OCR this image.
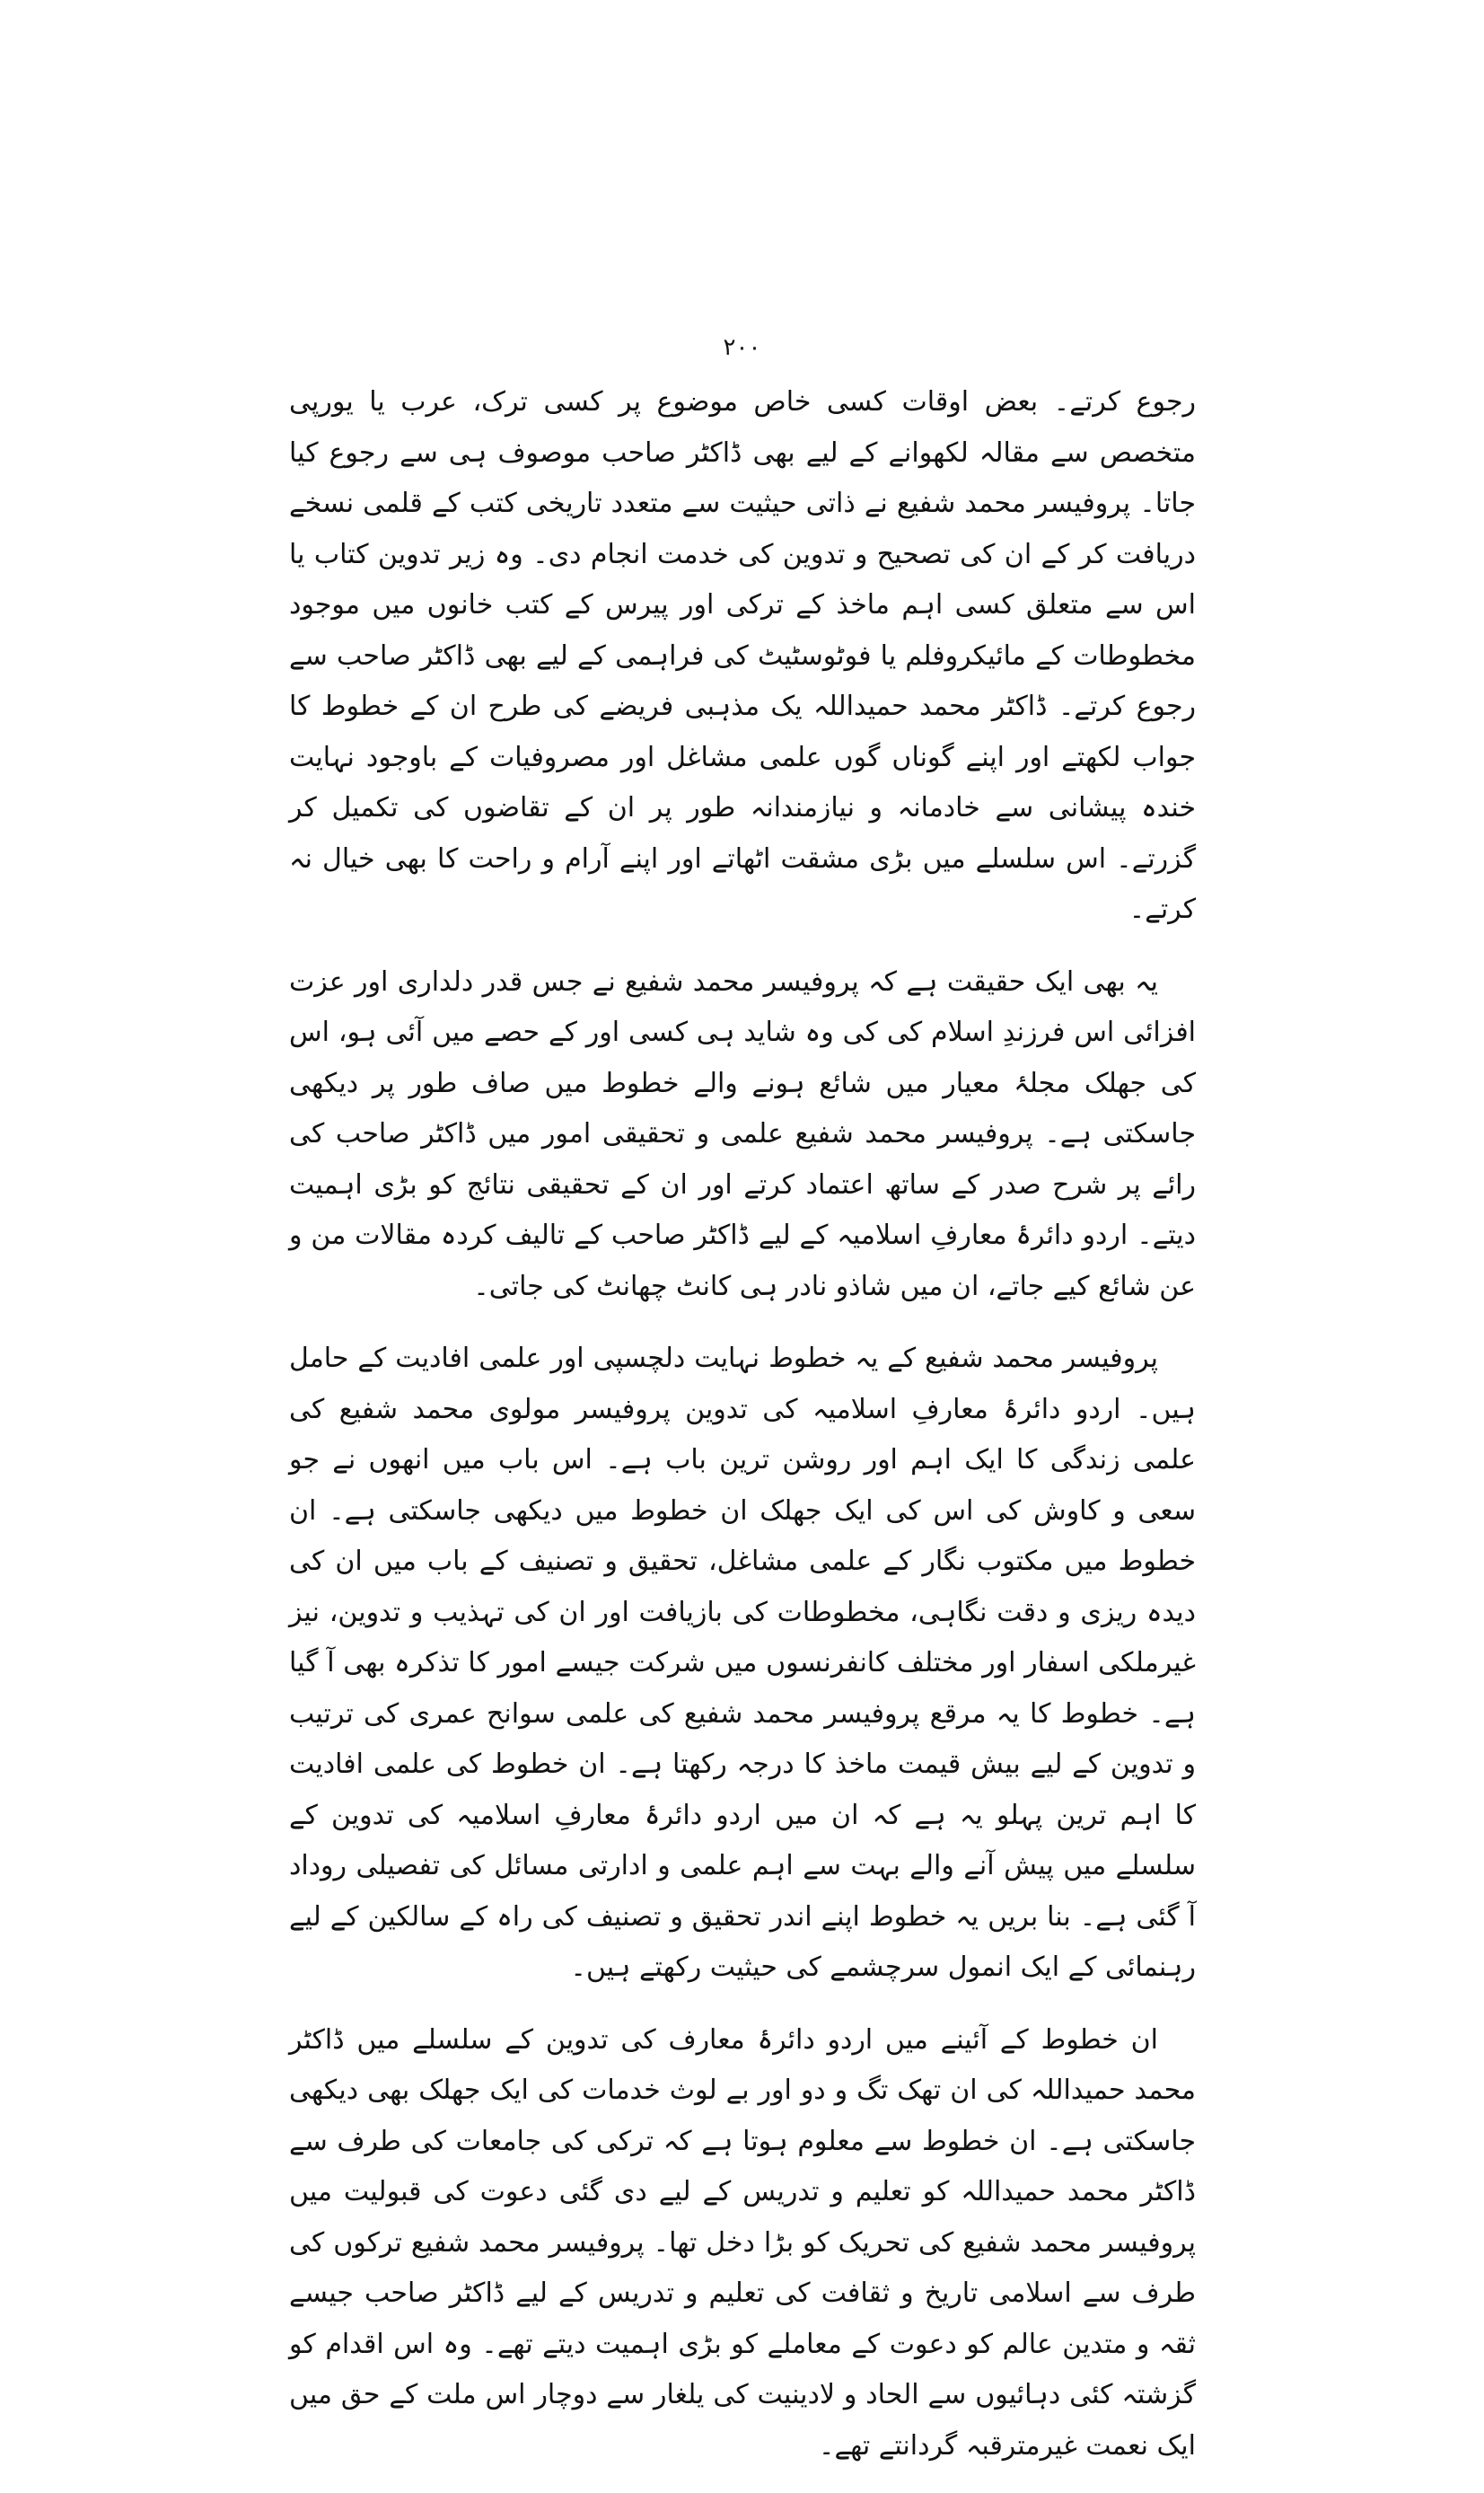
۲۰۰

رجوع کرتے۔ بعض اوقات کسی خاص موضوع پر کسی ترک، عرب یا یورپی متخصص سے مقالہ لکھوانے کے لیے بھی ڈاکٹر صاحب موصوف ہی سے رجوع کیا جاتا۔ پروفیسر محمد شفیع نے ذاتی حیثیت سے متعدد تاریخی کتب کے قلمی نسخے دریافت کر کے ان کی تصحیح و تدوین کی خدمت انجام دی۔ وہ زیر تدوین کتاب یا اس سے متعلق کسی اہم ماخذ کے ترکی اور پیرس کے کتب خانوں میں موجود مخطوطات کے مائیکروفلم یا فوٹوسٹیٹ کی فراہمی کے لیے بھی ڈاکٹر صاحب سے رجوع کرتے۔ ڈاکٹر محمد حمیداللہ یک مذہبی فریضے کی طرح ان کے خطوط کا جواب لکھتے اور اپنے گوناں گوں علمی مشاغل اور مصروفیات کے باوجود نہایت خندہ پیشانی سے خادمانہ و نیازمندانہ طور پر ان کے تقاضوں کی تکمیل کر گزرتے۔ اس سلسلے میں بڑی مشقت اٹھاتے اور اپنے آرام و راحت کا بھی خیال نہ کرتے۔

یہ بھی ایک حقیقت ہے کہ پروفیسر محمد شفیع نے جس قدر دلداری اور عزت افزائی اس فرزندِ اسلام کی کی وہ شاید ہی کسی اور کے حصے میں آئی ہو، اس کی جھلک مجلۂ معیار میں شائع ہونے والے خطوط میں صاف طور پر دیکھی جاسکتی ہے۔ پروفیسر محمد شفیع علمی و تحقیقی امور میں ڈاکٹر صاحب کی رائے پر شرح صدر کے ساتھ اعتماد کرتے اور ان کے تحقیقی نتائج کو بڑی اہمیت دیتے۔ اردو دائرۂ معارفِ اسلامیہ کے لیے ڈاکٹر صاحب کے تالیف کردہ مقالات من و عن شائع کیے جاتے، ان میں شاذو نادر ہی کانٹ چھانٹ کی جاتی۔

پروفیسر محمد شفیع کے یہ خطوط نہایت دلچسپی اور علمی افادیت کے حامل ہیں۔ اردو دائرۂ معارفِ اسلامیہ کی تدوین پروفیسر مولوی محمد شفیع کی علمی زندگی کا ایک اہم اور روشن ترین باب ہے۔ اس باب میں انھوں نے جو سعی و کاوش کی اس کی ایک جھلک ان خطوط میں دیکھی جاسکتی ہے۔ ان خطوط میں مکتوب نگار کے علمی مشاغل، تحقیق و تصنیف کے باب میں ان کی دیدہ ریزی و دقت نگاہی، مخطوطات کی بازیافت اور ان کی تہذیب و تدوین، نیز غیرملکی اسفار اور مختلف کانفرنسوں میں شرکت جیسے امور کا تذکرہ بھی آ گیا ہے۔ خطوط کا یہ مرقع پروفیسر محمد شفیع کی علمی سوانح عمری کی ترتیب و تدوین کے لیے بیش قیمت ماخذ کا درجہ رکھتا ہے۔ ان خطوط کی علمی افادیت کا اہم ترین پہلو یہ ہے کہ ان میں اردو دائرۂ معارفِ اسلامیہ کی تدوین کے سلسلے میں پیش آنے والے بہت سے اہم علمی و ادارتی مسائل کی تفصیلی روداد آ گئی ہے۔ بنا بریں یہ خطوط اپنے اندر تحقیق و تصنیف کی راہ کے سالکین کے لیے رہنمائی کے ایک انمول سرچشمے کی حیثیت رکھتے ہیں۔

ان خطوط کے آئینے میں اردو دائرۂ معارف کی تدوین کے سلسلے میں ڈاکٹر محمد حمیداللہ کی ان تھک تگ و دو اور بے لوث خدمات کی ایک جھلک بھی دیکھی جاسکتی ہے۔ ان خطوط سے معلوم ہوتا ہے کہ ترکی کی جامعات کی طرف سے ڈاکٹر محمد حمیداللہ کو تعلیم و تدریس کے لیے دی گئی دعوت کی قبولیت میں پروفیسر محمد شفیع کی تحریک کو بڑا دخل تھا۔ پروفیسر محمد شفیع ترکوں کی طرف سے اسلامی تاریخ و ثقافت کی تعلیم و تدریس کے لیے ڈاکٹر صاحب جیسے ثقہ و متدین عالم کو دعوت کے معاملے کو بڑی اہمیت دیتے تھے۔ وہ اس اقدام کو گزشتہ کئی دہائیوں سے الحاد و لادینیت کی یلغار سے دوچار اس ملت کے حق میں ایک نعمت غیرمترقبہ گردانتے تھے۔
